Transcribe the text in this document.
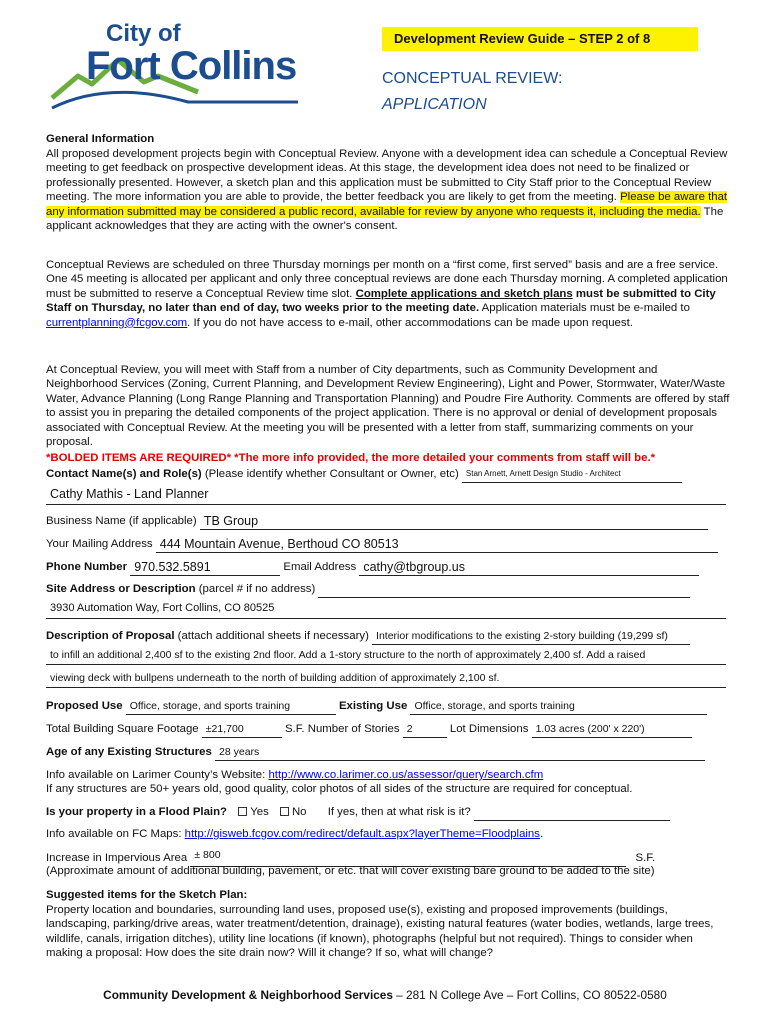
City of
Fort Collins
Development Review Guide – STEP 2 of 8
CONCEPTUAL REVIEW:
APPLICATION
General Information

All proposed development projects begin with Conceptual Review. Anyone with a development idea can schedule a Conceptual Review meeting to get feedback on prospective development ideas. At this stage, the development idea does not need to be finalized or professionally presented. However, a sketch plan and this application must be submitted to City Staff prior to the Conceptual Review meeting. The more information you are able to provide, the better feedback you are likely to get from the meeting. Please be aware that any information submitted may be considered a public record, available for review by anyone who requests it, including the media. The applicant acknowledges that they are acting with the owner's consent.

Conceptual Reviews are scheduled on three Thursday mornings per month on a “first come, first served” basis and are a free service. One 45 meeting is allocated per applicant and only three conceptual reviews are done each Thursday morning. A completed application must be submitted to reserve a Conceptual Review time slot. Complete applications and sketch plans must be submitted to City Staff on Thursday, no later than end of day, two weeks prior to the meeting date. Application materials must be e-mailed to currentplanning@fcgov.com. If you do not have access to e-mail, other accommodations can be made upon request.

At Conceptual Review, you will meet with Staff from a number of City departments, such as Community Development and Neighborhood Services (Zoning, Current Planning, and Development Review Engineering), Light and Power, Stormwater, Water/Waste Water, Advance Planning (Long Range Planning and Transportation Planning) and Poudre Fire Authority. Comments are offered by staff to assist you in preparing the detailed components of the project application. There is no approval or denial of development proposals associated with Conceptual Review. At the meeting you will be presented with a letter from staff, summarizing comments on your proposal.

*BOLDED ITEMS ARE REQUIRED* *The more info provided, the more detailed your comments from staff will be.*
Contact Name(s) and Role(s) (Please identify whether Consultant or Owner, etc) Stan Arnett, Arnett Design Studio - Architect
Cathy Mathis - Land Planner
Business Name (if applicable) TB Group
Your Mailing Address 444 Mountain Avenue, Berthoud CO 80513
Phone Number 970.532.5891	Email Address cathy@tbgroup.us
Site Address or Description (parcel # if no address)
3930 Automation Way, Fort Collins, CO 80525
Description of Proposal (attach additional sheets if necessary) Interior modifications to the existing 2-story building (19,299 sf)
to infill an additional 2,400 sf to the existing 2nd floor. Add a 1-story structure to the north of approximately 2,400 sf. Add a raised
viewing deck with bullpens underneath to the north of building addition of approximately 2,100 sf.
Proposed Use Office, storage, and sports training	Existing Use Office, storage, and sports training
Total Building Square Footage ±21,700	S.F. Number of Stories 2	Lot Dimensions 1.03 acres (200' x 220')
Age of any Existing Structures 28 years
Info available on Larimer County’s Website: http://www.co.larimer.co.us/assessor/query/search.cfm
If any structures are 50+ years old, good quality, color photos of all sides of the structure are required for conceptual.
Is your property in a Flood Plain? Yes No If yes, then at what risk is it?
Info available on FC Maps: http://gisweb.fcgov.com/redirect/default.aspx?layerTheme=Floodplains.
Increase in Impervious Area ± 800	S.F.
(Approximate amount of additional building, pavement, or etc. that will cover existing bare ground to be added to the site)
Suggested items for the Sketch Plan:

Property location and boundaries, surrounding land uses, proposed use(s), existing and proposed improvements (buildings, landscaping, parking/drive areas, water treatment/detention, drainage), existing natural features (water bodies, wetlands, large trees, wildlife, canals, irrigation ditches), utility line locations (if known), photographs (helpful but not required). Things to consider when making a proposal: How does the site drain now? Will it change? If so, what will change?

Community Development & Neighborhood Services – 281 N College Ave – Fort Collins, CO 80522-0580
